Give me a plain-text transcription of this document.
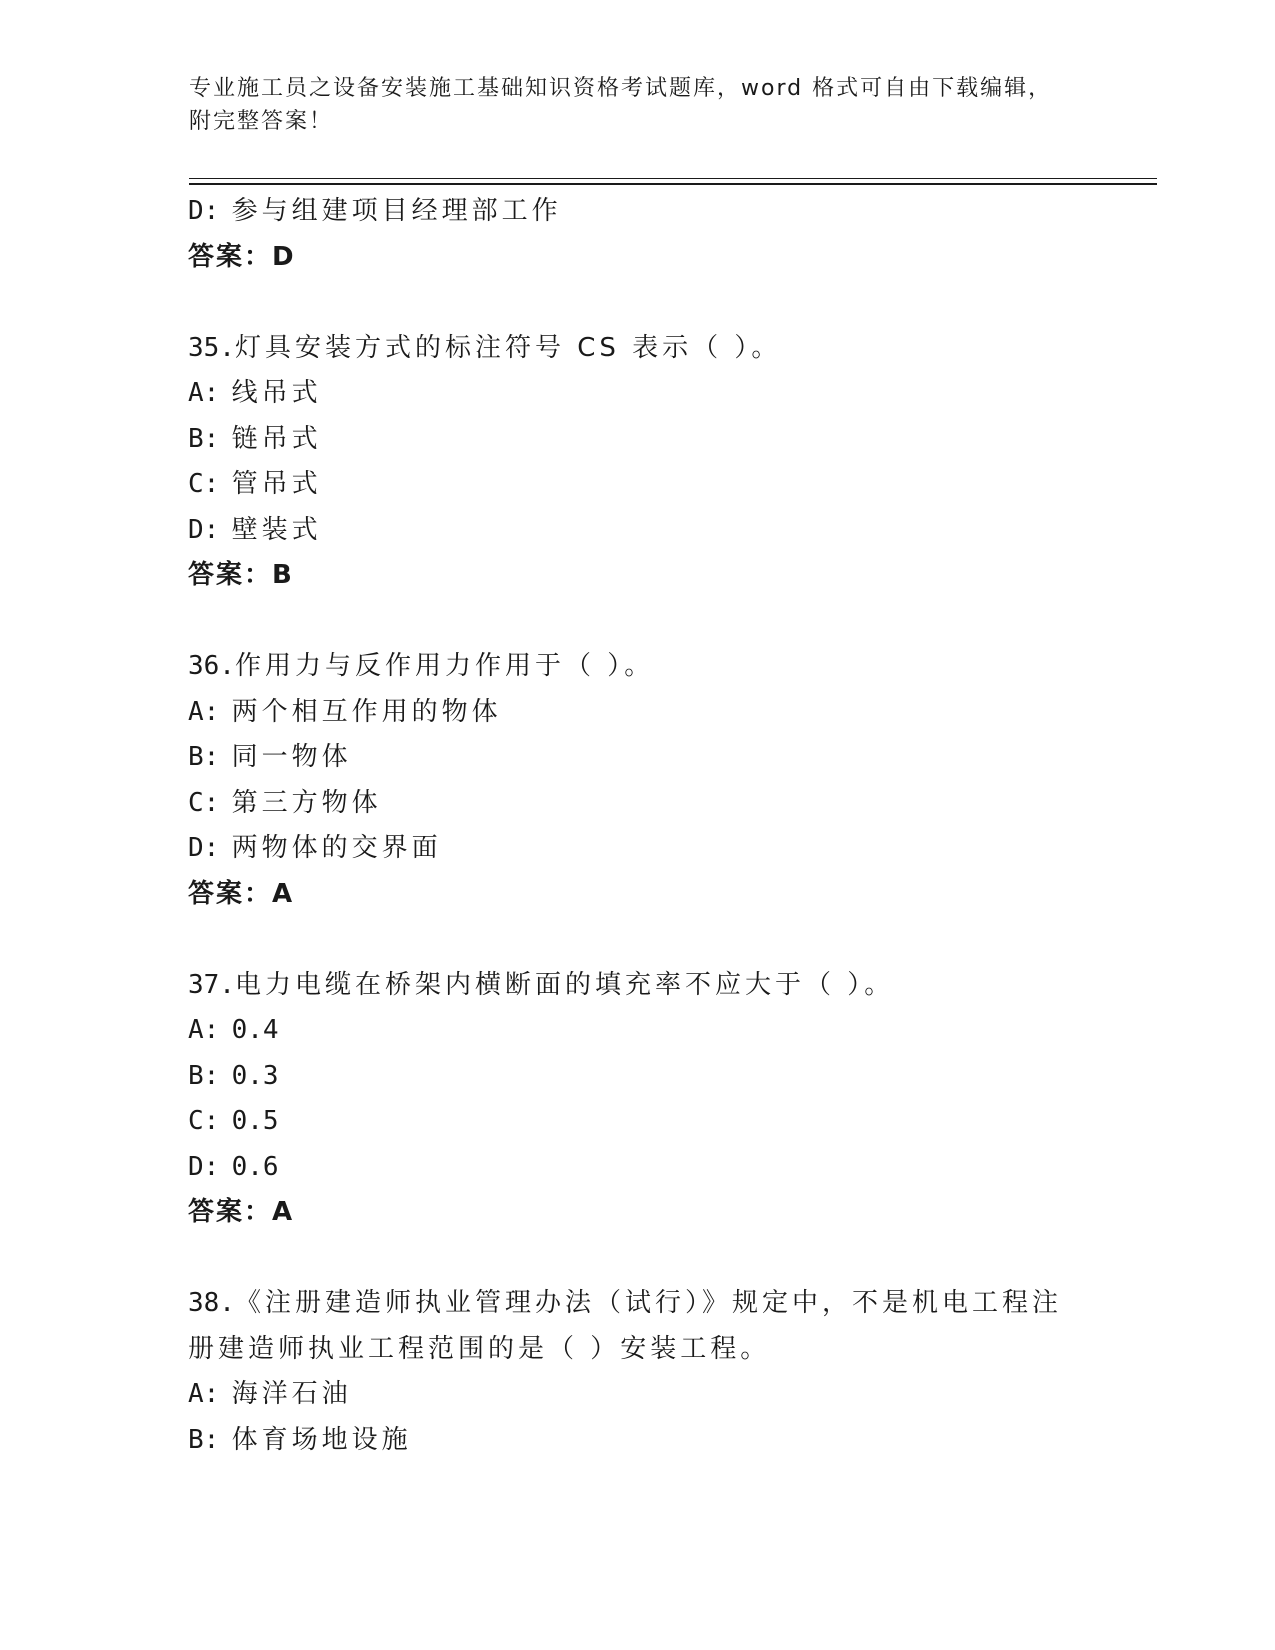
专业施工员之设备安装施工基础知识资格考试题库，word 格式可自由下载编辑，附完整答案！
D: 参与组建项目经理部工作
答案：D
35.灯具安装方式的标注符号 CS 表示（ ）。
A: 线吊式
B: 链吊式
C: 管吊式
D: 壁装式
答案：B
36.作用力与反作用力作用于（ ）。
A: 两个相互作用的物体
B: 同一物体
C: 第三方物体
D: 两物体的交界面
答案：A
37.电力电缆在桥架内横断面的填充率不应大于（ ）。
A: 0.4
B: 0.3
C: 0.5
D: 0.6
答案：A
38.《注册建造师执业管理办法（试行）》规定中，不是机电工程注册建造师执业工程范围的是（ ）安装工程。
A: 海洋石油
B: 体育场地设施
